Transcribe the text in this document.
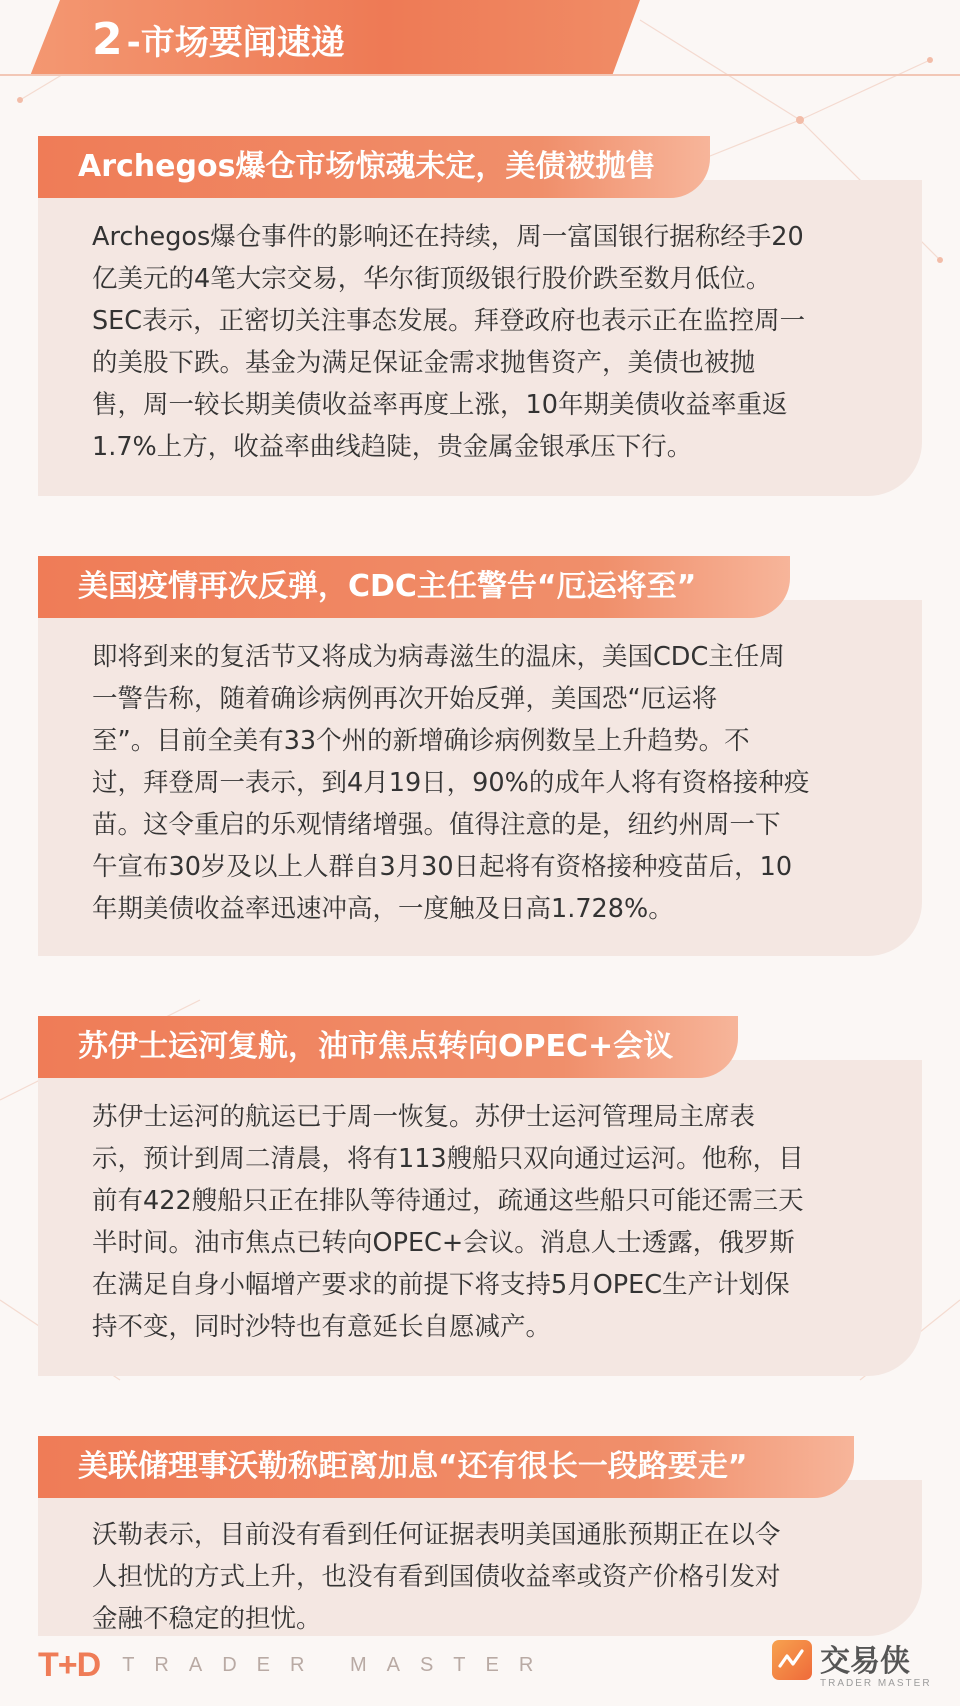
2 -市场要闻速递
Archegos爆仓市场惊魂未定，美债被抛售
Archegos爆仓事件的影响还在持续，周一富国银行据称经手20
亿美元的4笔大宗交易，华尔街顶级银行股价跌至数月低位。
SEC表示，正密切关注事态发展。拜登政府也表示正在监控周一
的美股下跌。基金为满足保证金需求抛售资产，美债也被抛
售，周一较长期美债收益率再度上涨，10年期美债收益率重返
1.7%上方，收益率曲线趋陡，贵金属金银承压下行。
美国疫情再次反弹，CDC主任警告“厄运将至”
即将到来的复活节又将成为病毒滋生的温床，美国CDC主任周
一警告称，随着确诊病例再次开始反弹，美国恐“厄运将
至”。目前全美有33个州的新增确诊病例数呈上升趋势。不
过，拜登周一表示，到4月19日，90%的成年人将有资格接种疫
苗。这令重启的乐观情绪增强。值得注意的是，纽约州周一下
午宣布30岁及以上人群自3月30日起将有资格接种疫苗后，10
年期美债收益率迅速冲高，一度触及日高1.728%。
苏伊士运河复航，油市焦点转向OPEC+会议
苏伊士运河的航运已于周一恢复。苏伊士运河管理局主席表
示，预计到周二清晨，将有113艘船只双向通过运河。他称，目
前有422艘船只正在排队等待通过，疏通这些船只可能还需三天
半时间。油市焦点已转向OPEC+会议。消息人士透露，俄罗斯
在满足自身小幅增产要求的前提下将支持5月OPEC生产计划保
持不变，同时沙特也有意延长自愿减产。
美联储理事沃勒称距离加息“还有很长一段路要走”
沃勒表示，目前没有看到任何证据表明美国通胀预期正在以令
人担忧的方式上升，也没有看到国债收益率或资产价格引发对
金融不稳定的担忧。
T+D TRADER MASTER	交易侠
TRADER MASTER
